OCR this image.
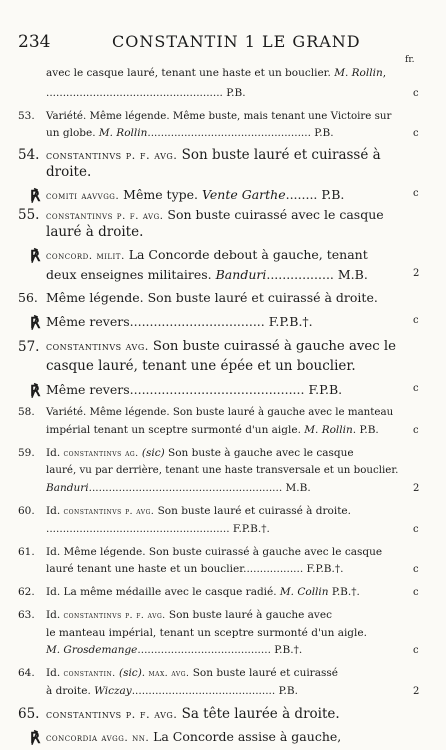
234	CONSTANTIN 1 LE GRAND
fr.
avec le casque lauré, tenant une haste et un bouclier. M. Rollin,
..................................................... P.B.	c
53. Variété. Même légende. Même buste, mais tenant une Victoire sur
un globe. M. Rollin................................................. P.B.	c
54. constantinvs p. f. avg. Son buste lauré et cuirassé à
droite.
℟ comiti aavvgg. Même type. Vente Garthe........ P.B.	c
55. constantinvs p. f. avg. Son buste cuirassé avec le casque
lauré à droite.
℟ concord. milit. La Concorde debout à gauche, tenant
deux enseignes militaires. Banduri................. M.B.	2
56. Même légende. Son buste lauré et cuirassé à droite.
℟ Même revers.................................. F.P.B.†.	c
57. constantinvs avg. Son buste cuirassé à gauche avec le
casque lauré, tenant une épée et un bouclier.
℟ Même revers............................................ F.P.B.	c
58. Variété. Même légende. Son buste lauré à gauche avec le manteau
impérial tenant un sceptre surmonté d'un aigle. M. Rollin. P.B.	c
59. Id. constantinvs ag. (sic) Son buste à gauche avec le casque
lauré, vu par derrière, tenant une haste transversale et un bouclier.
Banduri.......................................................... M.B.	2
60. Id. constantinvs p. avg. Son buste lauré et cuirassé à droite.
....................................................... F.P.B.†.	c
61. Id. Même légende. Son buste cuirassé à gauche avec le casque
lauré tenant une haste et un bouclier.................. F.P.B.†.	c
62. Id. La même médaille avec le casque radié. M. Collin P.B.†.	c
63. Id. constantinvs p. f. avg. Son buste lauré à gauche avec
le manteau impérial, tenant un sceptre surmonté d'un aigle.
M. Grosdemange........................................ P.B.†.	c
64. Id. constantin. (sic). max. avg. Son buste lauré et cuirassé
à droite. Wiczay........................................... P.B.	2
65. constantinvs p. f. avg. Sa tête laurée à droite.
℟ concordia avgg. nn. La Concorde assise à gauche,
